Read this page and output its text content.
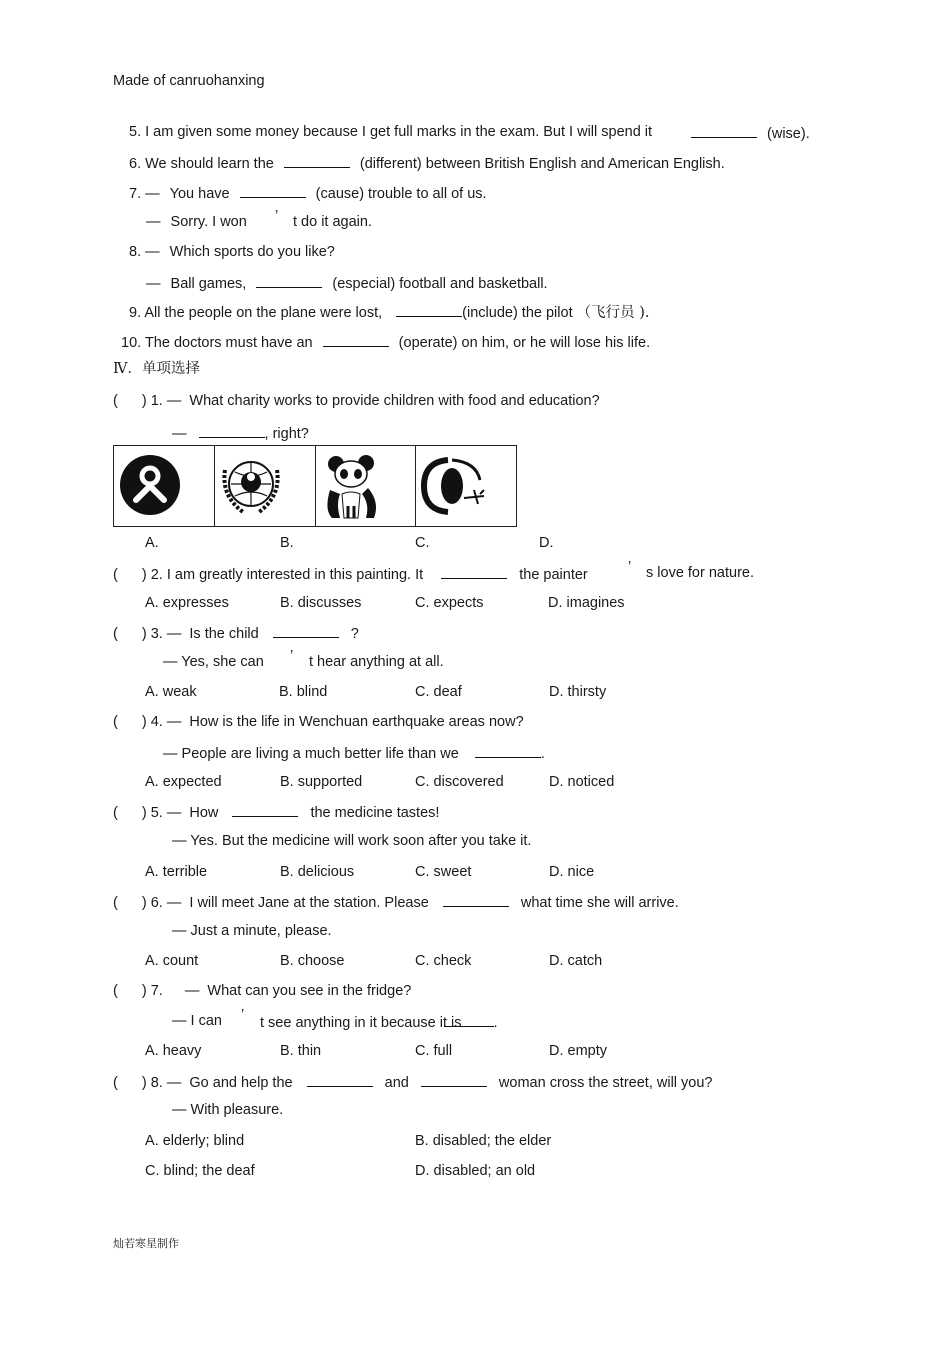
Made of canruohanxing
5. I am given some money because I get full marks in the exam. But I will spend it	(wise).
6. We should learn the	(different) between British English and American English.
7. — You have	(cause) trouble to all of us.
— Sorry. I won ’ t do it again.
8. — Which sports do you like?
— Ball games,	(especial) football and basketball.
9. All the people on the plane were lost,	(include) the pilot （飞行员 ).
10. The doctors must have an	(operate) on him, or he will lose his life.
Ⅳ．单项选择
( ) 1. — What charity works to provide children with food and education?
—	, right?
A.	B.	C.	D.
( ) 2. I am greatly interested in this painting. It	the painter	’ s love for nature.
A. expresses	B. discusses	C. expects	D. imagines
( ) 3. — Is the child	?
— Yes, she can ’ t hear anything at all.
A. weak	B. blind	C. deaf	D. thirsty
( ) 4. — How is the life in Wenchuan earthquake areas now?
— People are living a much better life than we	.
A. expected	B. supported	C. discovered	D. noticed
( ) 5. — How	the medicine tastes!
— Yes. But the medicine will work soon after you take it.
A. terrible	B. delicious	C. sweet	D. nice
( ) 6. — I will meet Jane at the station. Please	what time she will arrive.
— Just a minute, please.
A. count	B. choose	C. check	D. catch
( ) 7. — What can you see in the fridge?
— I can ’ t see anything in it because it is .
A. heavy	B. thin	C. full	D. empty
( ) 8. — Go and help the	and	woman cross the street, will you?
— With pleasure.
A. elderly; blind	B. disabled; the elder
C. blind; the deaf	D. disabled; an old
灿若寒星制作
